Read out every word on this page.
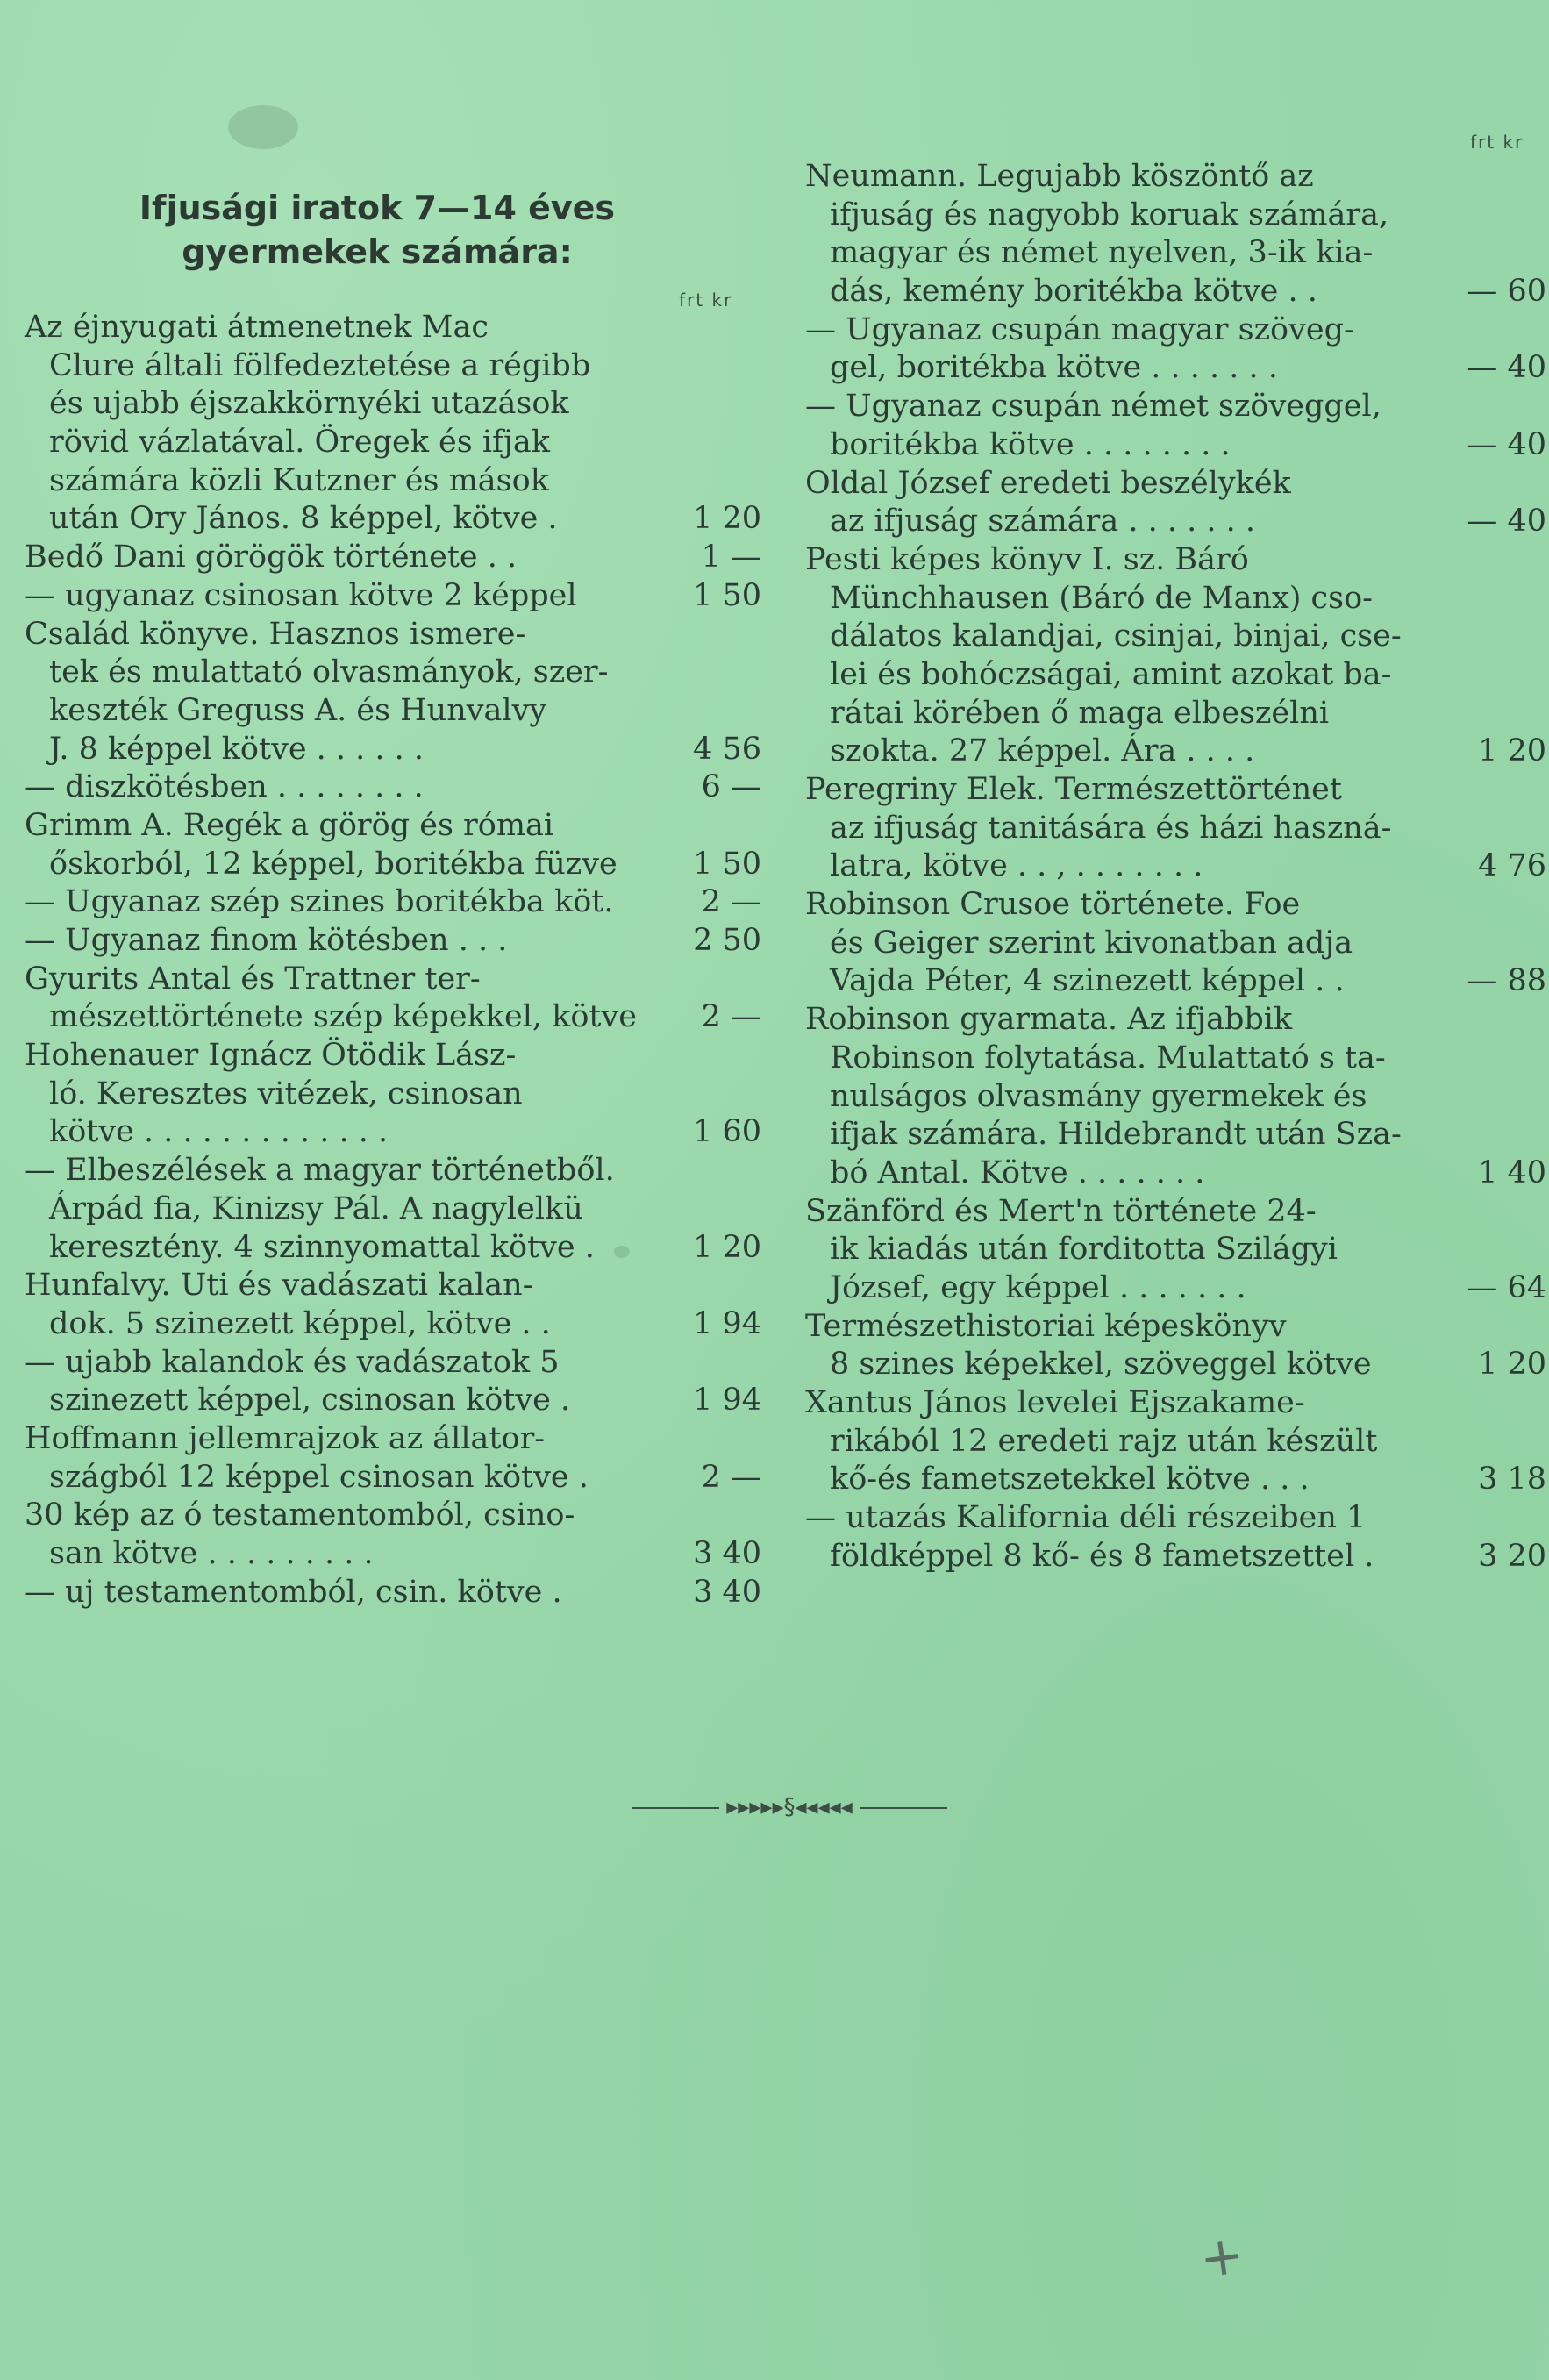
Ifjusági iratok 7—14 éves gyermekek számára:
frt kr
frt kr
Az éjnyugati átmenetnek Mac
Clure általi fölfedeztetése a régibb
és ujabb éjszakkörnyéki utazások
rövid vázlatával. Öregek és ifjak
számára közli Kutzner és mások
után Ory János. 8 képpel, kötve .	1 20
Bedő Dani görögök története . .	1 —
— ugyanaz csinosan kötve 2 képpel	1 50
Család könyve. Hasznos ismere-
tek és mulattató olvasmányok, szer-
keszték Greguss A. és Hunvalvy
J. 8 képpel kötve . . . . . .	4 56
— diszkötésben . . . . . . . .	6 —
Grimm A. Regék a görög és római
őskorból, 12 képpel, boritékba füzve 1 50
— Ugyanaz szép szines boritékba köt.	2 —
— Ugyanaz finom kötésben . . .	2 50
Gyurits Antal és Trattner ter-
mészettörténete szép képekkel, kötve 2 —
Hohenauer Ignácz Ötödik Lász-
ló. Keresztes vitézek, csinosan
kötve . . . . . . . . . . . . .	1 60
— Elbeszélések a magyar történetből.
Árpád fia, Kinizsy Pál. A nagylelkü
keresztény. 4 szinnyomattal kötve .	1 20
Hunfalvy. Uti és vadászati kalan-
dok. 5 szinezett képpel, kötve . .	1 94
— ujabb kalandok és vadászatok 5
szinezett képpel, csinosan kötve .	1 94
Hoffmann jellemrajzok az állator-
szágból 12 képpel csinosan kötve .	2 —
30 kép az ó testamentomból, csino-
san kötve . . . . . . . . .	3 40
— uj testamentomból, csin. kötve .	3 40
Neumann. Legujabb köszöntő az
ifjuság és nagyobb koruak számára,
magyar és német nyelven, 3-ik kia-
dás, kemény boritékba kötve . .	— 60
— Ugyanaz csupán magyar szöveg-
gel, boritékba kötve . . . . . . .	— 40
— Ugyanaz csupán német szöveggel,
boritékba kötve . . . . . . . .	— 40
Oldal József eredeti beszélykék
az ifjuság számára . . . . . . .	— 40
Pesti képes könyv I. sz. Báró
Münchhausen (Báró de Manx) cso-
dálatos kalandjai, csinjai, binjai, cse-
lei és bohóczságai, amint azokat ba-
rátai körében ő maga elbeszélni
szokta. 27 képpel. Ára . . . .	1 20
Peregriny Elek. Természettörténet
az ifjuság tanitására és házi haszná-
latra, kötve . . , . . . . . . .	4 76
Robinson Crusoe története. Foe
és Geiger szerint kivonatban adja
Vajda Péter, 4 szinezett képpel . .	— 88
Robinson gyarmata. Az ifjabbik
Robinson folytatása. Mulattató s ta-
nulságos olvasmány gyermekek és
ifjak számára. Hildebrandt után Sza-
bó Antal. Kötve . . . . . . .	1 40
Szänförd és Mert'n története 24-
ik kiadás után forditotta Szilágyi
József, egy képpel . . . . . . .	— 64
Természethistoriai képeskönyv
8 szines képekkel, szöveggel kötve	1 20
Xantus János levelei Ejszakame-
rikából 12 eredeti rajz után készült
kő-és fametszetekkel kötve . . .	3 18
— utazás Kalifornia déli részeiben 1
földképpel 8 kő- és 8 fametszettel .	3 20
▸▸▸▸▸§◂◂◂◂◂
+
